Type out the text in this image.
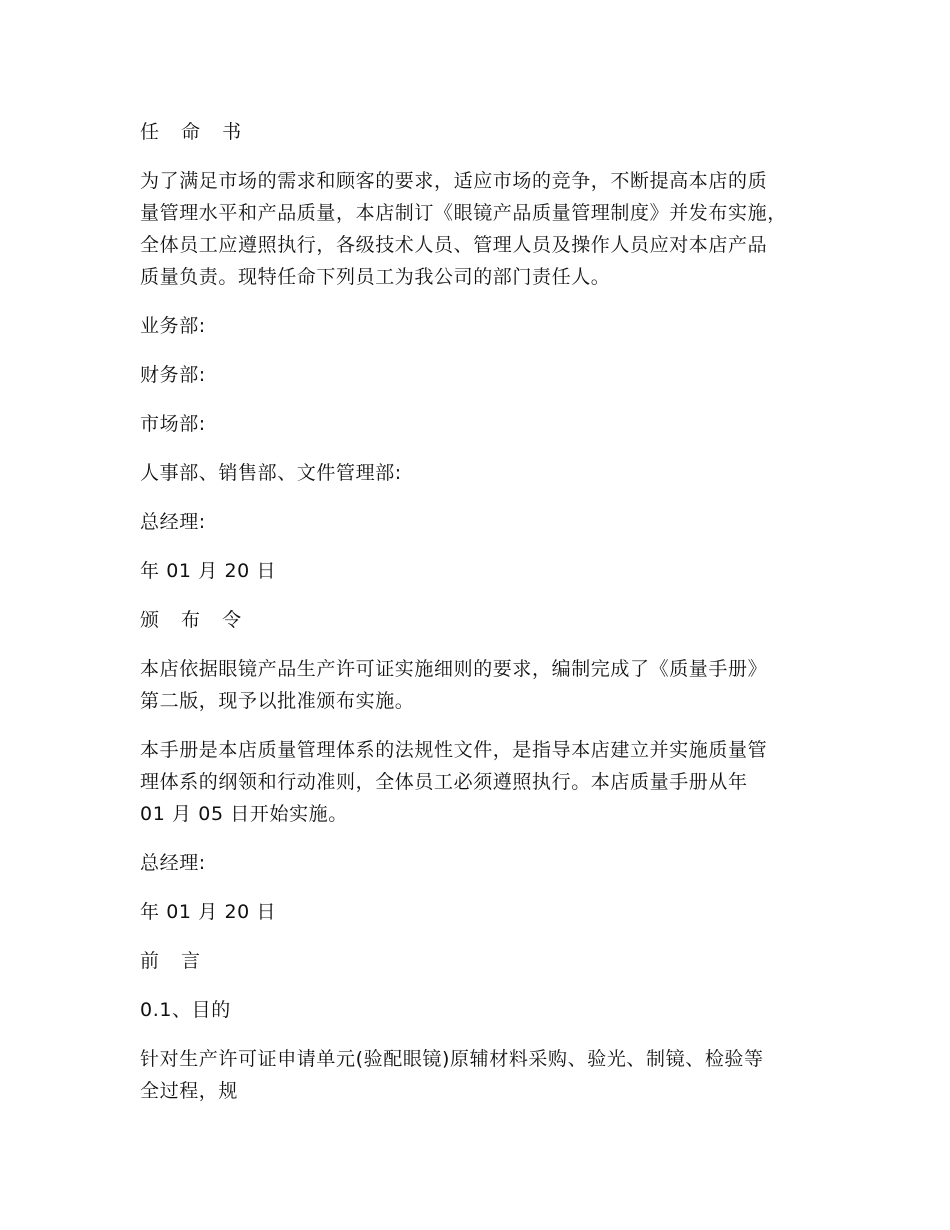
任 命 书

为了满足市场的需求和顾客的要求，适应市场的竞争，不断提高本店的质
量管理水平和产品质量，本店制订《眼镜产品质量管理制度》并发布实施，
全体员工应遵照执行，各级技术人员、管理人员及操作人员应对本店产品
质量负责。现特任命下列员工为我公司的部门责任人。

业务部:

财务部:

市场部:

人事部、销售部、文件管理部:

总经理:

年 01 月 20 日

颁 布 令

本店依据眼镜产品生产许可证实施细则的要求，编制完成了《质量手册》
第二版，现予以批准颁布实施。

本手册是本店质量管理体系的法规性文件，是指导本店建立并实施质量管
理体系的纲领和行动准则，全体员工必须遵照执行。本店质量手册从年
01 月 05 日开始实施。

总经理:

年 01 月 20 日

前 言

0.1、目的

针对生产许可证申请单元(验配眼镜)原辅材料采购、验光、制镜、检验等
全过程，规
